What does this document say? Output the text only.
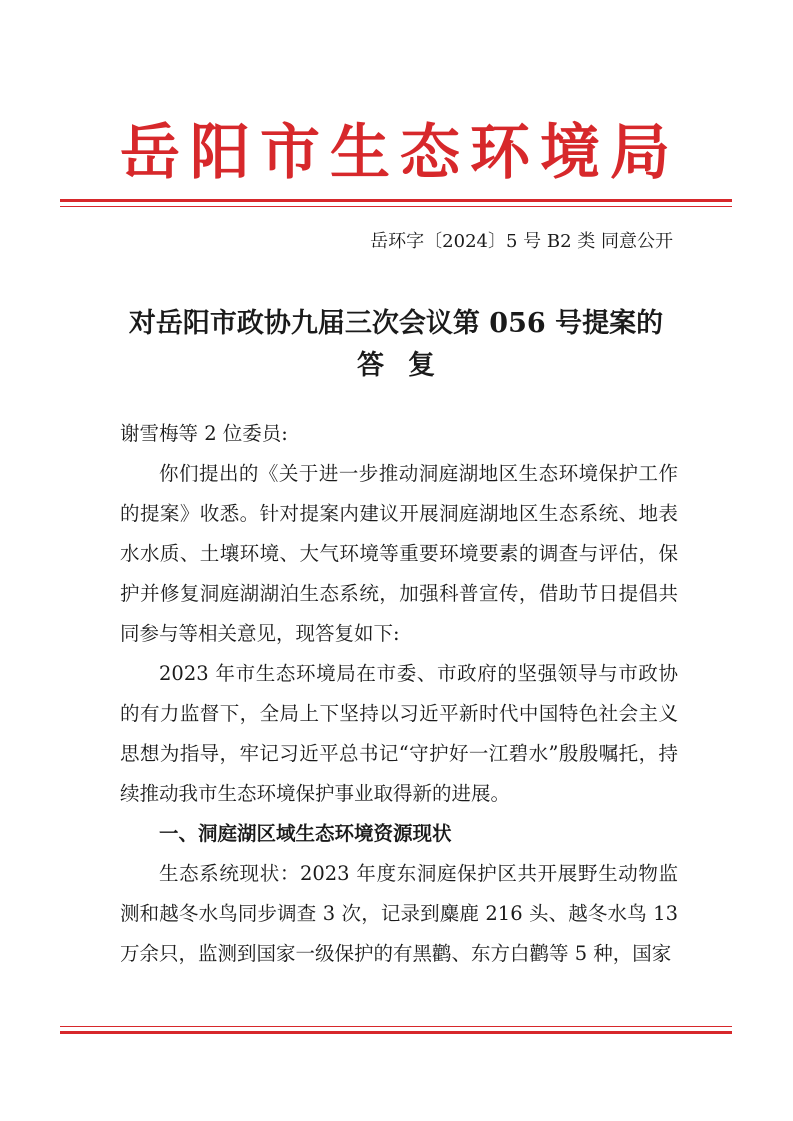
岳阳市生态环境局
岳环字〔2024〕5 号 B2 类 同意公开
对岳阳市政协九届三次会议第 056 号提案的
答复

谢雪梅等 2 位委员:

你们提出的《关于进一步推动洞庭湖地区生态环境保护工作的提案》收悉。针对提案内建议开展洞庭湖地区生态系统、地表水水质、土壤环境、大气环境等重要环境要素的调查与评估，保护并修复洞庭湖湖泊生态系统，加强科普宣传，借助节日提倡共同参与等相关意见，现答复如下:

2023 年市生态环境局在市委、市政府的坚强领导与市政协的有力监督下，全局上下坚持以习近平新时代中国特色社会主义思想为指导，牢记习近平总书记“守护好一江碧水”殷殷嘱托，持续推动我市生态环境保护事业取得新的进展。

一、洞庭湖区域生态环境资源现状

生态系统现状：2023 年度东洞庭保护区共开展野生动物监测和越冬水鸟同步调查 3 次，记录到麋鹿 216 头、越冬水鸟 13 万余只，监测到国家一级保护的有黑鹳、东方白鹳等 5 种，国家
